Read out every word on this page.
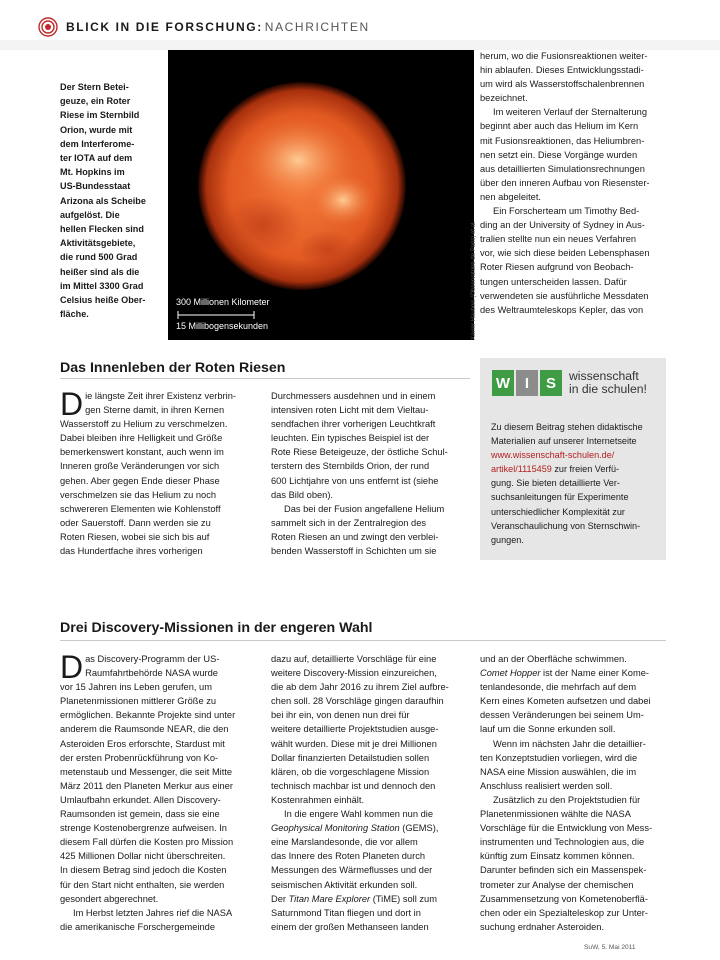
BLICK IN DIE FORSCHUNG: NACHRICHTEN
Der Stern Betei-
geuze, ein Roter
Riese im Sternbild
Orion, wurde mit
dem Interferome-
ter IOTA auf dem
Mt. Hopkins im
US-Bundesstaat
Arizona als Scheibe
aufgelöst. Die
hellen Flecken sind
Aktivitätsgebiete,
die rund 500 Grad
heißer sind als die
im Mittel 3300 Grad
Celsius heiße Ober-
fläche.
300 Millionen Kilometer
15 Millibogensekunden	Xavier Haubois (Observatoire de Paris) et al.

herum, wo die Fusionsreaktionen weiter-
hin ablaufen. Dieses Entwicklungsstadi-
um wird als Wasserstoffschalenbrennen
bezeichnet.

Im weiteren Verlauf der Sternalterung
beginnt aber auch das Helium im Kern
mit Fusionsreaktionen, das Heliumbren-
nen setzt ein. Diese Vorgänge wurden
aus detaillierten Simulationsrechnungen
über den inneren Aufbau von Riesenster-
nen abgeleitet.

Ein Forscherteam um Timothy Bed-
ding an der University of Sydney in Aus-
tralien stellte nun ein neues Verfahren
vor, wie sich diese beiden Lebensphasen
Roter Riesen aufgrund von Beobach-
tungen unterscheiden lassen. Dafür
verwendeten sie ausführliche Messdaten
des Weltraumteleskops Kepler, das von

Das Innenleben der Roten Riesen

Die längste Zeit ihrer Existenz verbrin-
gen Sterne damit, in ihren Kernen
Wasserstoff zu Helium zu verschmelzen.
Dabei bleiben ihre Helligkeit und Größe
bemerkenswert konstant, auch wenn im
Inneren große Veränderungen vor sich
gehen. Aber gegen Ende dieser Phase
verschmelzen sie das Helium zu noch
schwereren Elementen wie Kohlenstoff
oder Sauerstoff. Dann werden sie zu
Roten Riesen, wobei sie sich bis auf
das Hundertfache ihres vorherigen

Durchmessers ausdehnen und in einem
intensiven roten Licht mit dem Vieltau-
sendfachen ihrer vorherigen Leuchtkraft
leuchten. Ein typisches Beispiel ist der
Rote Riese Beteigeuze, der östliche Schul-
terstern des Sternbilds Orion, der rund
600 Lichtjahre von uns entfernt ist (siehe
das Bild oben).

Das bei der Fusion angefallene Helium
sammelt sich in der Zentralregion des
Roten Riesen an und zwingt den verblei-
benden Wasserstoff in Schichten um sie

W I	S	wissenschaft
in die schulen!
Zu diesem Beitrag stehen didaktische
Materialien auf unserer Internetseite
www.wissenschaft-schulen.de/
artikel/1115459 zur freien Verfü-
gung. Sie bieten detaillierte Ver-
suchsanleitungen für Experimente
unterschiedlicher Komplexität zur
Veranschaulichung von Sternschwin-
gungen.
Drei Discovery-Missionen in der engeren Wahl

Das Discovery-Programm der US-
Raumfahrtbehörde NASA wurde
vor 15 Jahren ins Leben gerufen, um
Planetenmissionen mittlerer Größe zu
ermöglichen. Bekannte Projekte sind unter
anderem die Raumsonde NEAR, die den
Asteroiden Eros erforschte, Stardust mit
der ersten Probenrückführung von Ko-
metenstaub und Messenger, die seit Mitte
März 2011 den Planeten Merkur aus einer
Umlaufbahn erkundet. Allen Discovery-
Raumsonden ist gemein, dass sie eine
strenge Kostenobergrenze aufweisen. In
diesem Fall dürfen die Kosten pro Mission
425 Millionen Dollar nicht überschreiten.
In diesem Betrag sind jedoch die Kosten
für den Start nicht enthalten, sie werden
gesondert abgerechnet.

Im Herbst letzten Jahres rief die NASA
die amerikanische Forschergemeinde

dazu auf, detaillierte Vorschläge für eine
weitere Discovery-Mission einzureichen,
die ab dem Jahr 2016 zu ihrem Ziel aufbre-
chen soll. 28 Vorschläge gingen daraufhin
bei ihr ein, von denen nun drei für
weitere detaillierte Projektstudien ausge-
wählt wurden. Diese mit je drei Millionen
Dollar finanzierten Detailstudien sollen
klären, ob die vorgeschlagene Mission
technisch machbar ist und dennoch den
Kostenrahmen einhält.

In die engere Wahl kommen nun die
Geophysical Monitoring Station (GEMS),
eine Marslandesonde, die vor allem
das Innere des Roten Planeten durch
Messungen des Wärmeflusses und der
seismischen Aktivität erkunden soll.
Der Titan Mare Explorer (TiME) soll zum
Saturnmond Titan fliegen und dort in
einem der großen Methanseen landen

und an der Oberfläche schwimmen.
Comet Hopper ist der Name einer Kome-
tenlandesonde, die mehrfach auf dem
Kern eines Kometen aufsetzen und dabei
dessen Veränderungen bei seinem Um-
lauf um die Sonne erkunden soll.

Wenn im nächsten Jahr die detaillier-
ten Konzeptstudien vorliegen, wird die
NASA eine Mission auswählen, die im
Anschluss realisiert werden soll.

Zusätzlich zu den Projektstudien für
Planetenmissionen wählte die NASA
Vorschläge für die Entwicklung von Mess-
instrumenten und Technologien aus, die
künftig zum Einsatz kommen können.
Darunter befinden sich ein Massenspek-
trometer zur Analyse der chemischen
Zusammensetzung von Kometenoberflä-
chen oder ein Spezialteleskop zur Unter-
suchung erdnaher Asteroiden.

SuW, 5. Mai 2011
